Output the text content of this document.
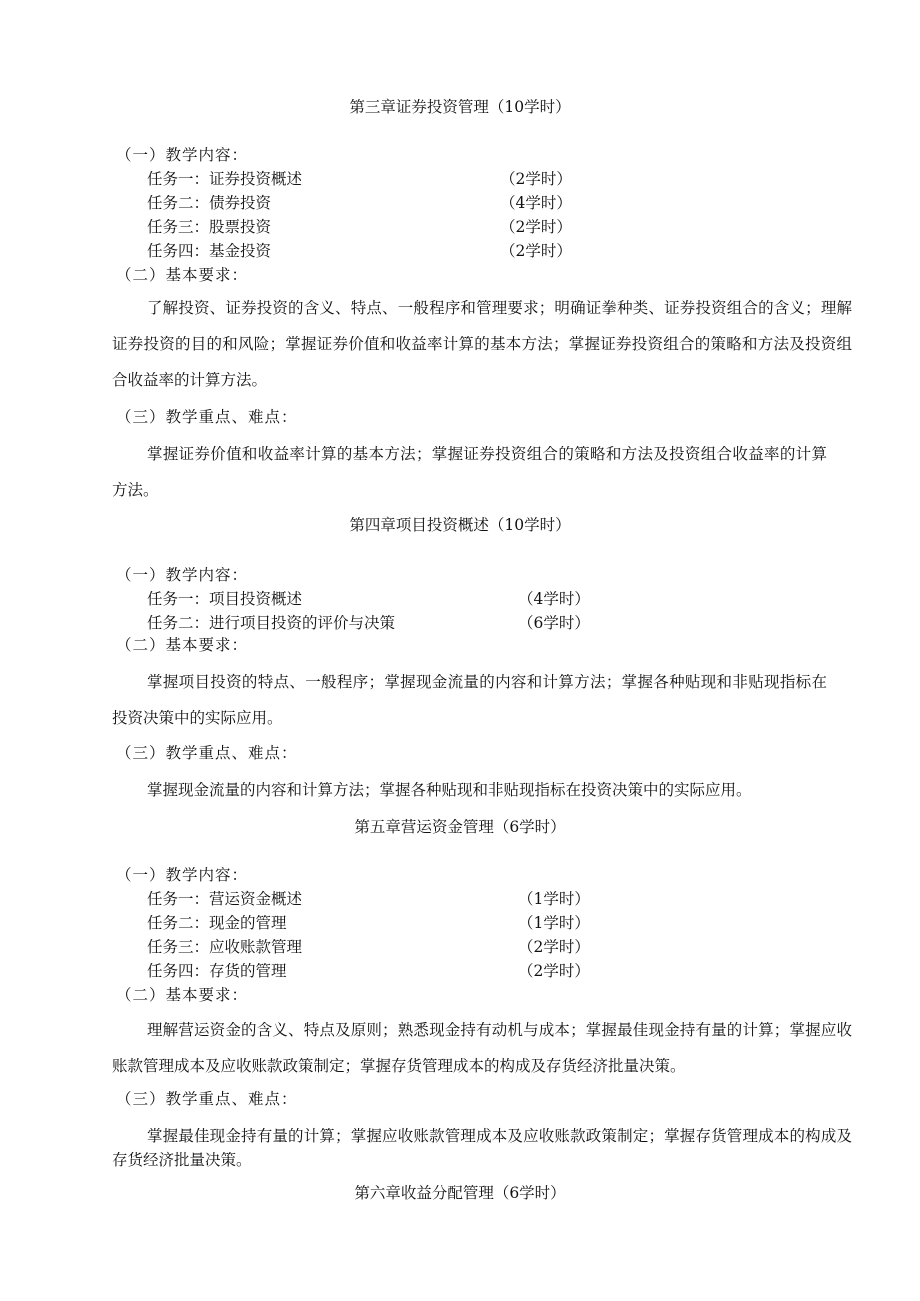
第三章证券投资管理（10学时）
（一）教学内容：
任务一：证券投资概述	（2学时）
任务二：债券投资	（4学时）
任务三：股票投资	（2学时）
任务四：基金投资	（2学时）
（二）基本要求：
了解投资、证券投资的含义、特点、一般程序和管理要求；明确证拳种类、证券投资组合的含义；理解证券投资的目的和风险；掌握证券价值和收益率计算的基本方法；掌握证券投资组合的策略和方法及投资组合收益率的计算方法。
（三）教学重点、难点：
掌握证券价值和收益率计算的基本方法；掌握证券投资组合的策略和方法及投资组合收益率的计算方法。
第四章项目投资概述（10学时）
（一）教学内容：
任务一：项目投资概述	（4学时）
任务二：进行项目投资的评价与决策	（6学时）
（二）基本要求：
掌握项目投资的特点、一般程序；掌握现金流量的内容和计算方法；掌握各种贴现和非贴现指标在投资决策中的实际应用。
（三）教学重点、难点：
掌握现金流量的内容和计算方法；掌握各种贴现和非贴现指标在投资决策中的实际应用。
第五章营运资金管理（6学时）
（一）教学内容：
任务一：营运资金概述	（1学时）
任务二：现金的管理	（1学时）
任务三：应收账款管理	（2学时）
任务四：存货的管理	（2学时）
（二）基本要求：
理解营运资金的含义、特点及原则；熟悉现金持有动机与成本；掌握最佳现金持有量的计算；掌握应收账款管理成本及应收账款政策制定；掌握存货管理成本的构成及存货经济批量决策。
（三）教学重点、难点：
掌握最佳现金持有量的计算；掌握应收账款管理成本及应收账款政策制定；掌握存货管理成本的构成及存货经济批量决策。
第六章收益分配管理（6学时）
